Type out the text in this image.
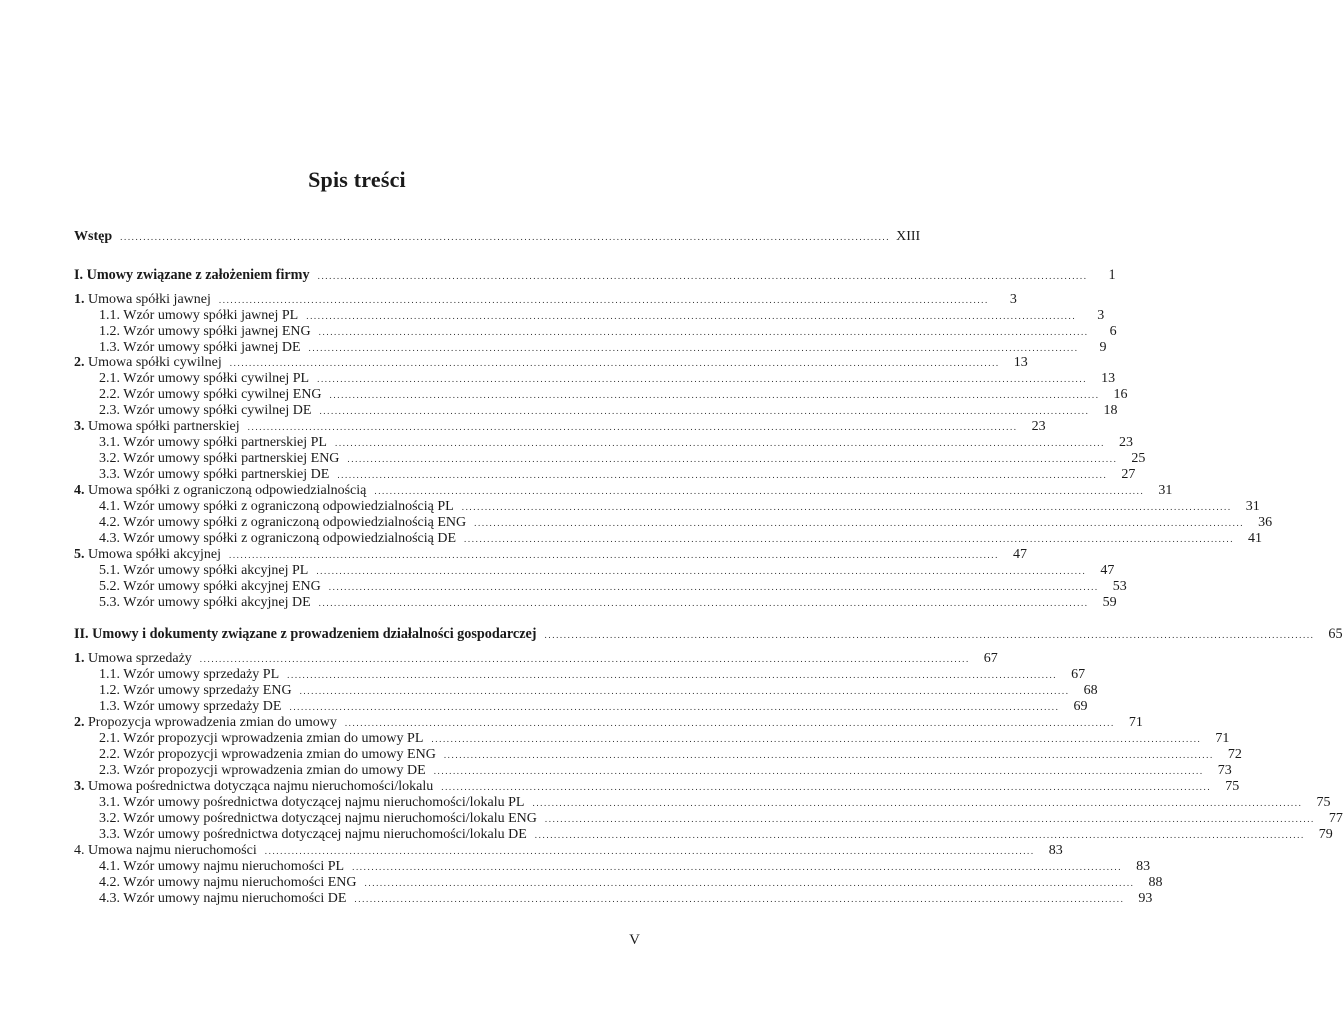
Spis treści
Wstęp ........................................................................................................................................................................................................ XIII
I. Umowy związane z założeniem firmy ........................................................................................................................................................................................................	1
1. Umowa spółki jawnej ........................................................................................................................................................................................................	3
1.1. Wzór umowy spółki jawnej PL ........................................................................................................................................................................................................	3
1.2. Wzór umowy spółki jawnej ENG ........................................................................................................................................................................................................	6
1.3. Wzór umowy spółki jawnej DE ........................................................................................................................................................................................................	9
2. Umowa spółki cywilnej ........................................................................................................................................................................................................	13
2.1. Wzór umowy spółki cywilnej PL ........................................................................................................................................................................................................	13
2.2. Wzór umowy spółki cywilnej ENG ........................................................................................................................................................................................................	16
2.3. Wzór umowy spółki cywilnej DE ........................................................................................................................................................................................................	18
3. Umowa spółki partnerskiej ........................................................................................................................................................................................................	23
3.1. Wzór umowy spółki partnerskiej PL ........................................................................................................................................................................................................	23
3.2. Wzór umowy spółki partnerskiej ENG ........................................................................................................................................................................................................	25
3.3. Wzór umowy spółki partnerskiej DE ........................................................................................................................................................................................................	27
4. Umowa spółki z ograniczoną odpowiedzialnością ........................................................................................................................................................................................................	31
4.1. Wzór umowy spółki z ograniczoną odpowiedzialnością PL ........................................................................................................................................................................................................	31
4.2. Wzór umowy spółki z ograniczoną odpowiedzialnością ENG ........................................................................................................................................................................................................	36
4.3. Wzór umowy spółki z ograniczoną odpowiedzialnością DE ........................................................................................................................................................................................................	41
5. Umowa spółki akcyjnej ........................................................................................................................................................................................................	47
5.1. Wzór umowy spółki akcyjnej PL ........................................................................................................................................................................................................	47
5.2. Wzór umowy spółki akcyjnej ENG ........................................................................................................................................................................................................	53
5.3. Wzór umowy spółki akcyjnej DE ........................................................................................................................................................................................................	59
II. Umowy i dokumenty związane z prowadzeniem działalności gospodarczej ........................................................................................................................................................................................................ 65
1. Umowa sprzedaży ........................................................................................................................................................................................................	67
1.1. Wzór umowy sprzedaży PL ........................................................................................................................................................................................................	67
1.2. Wzór umowy sprzedaży ENG ........................................................................................................................................................................................................	68
1.3. Wzór umowy sprzedaży DE ........................................................................................................................................................................................................	69
2. Propozycja wprowadzenia zmian do umowy ........................................................................................................................................................................................................	71
2.1. Wzór propozycji wprowadzenia zmian do umowy PL ........................................................................................................................................................................................................	71
2.2. Wzór propozycji wprowadzenia zmian do umowy ENG ........................................................................................................................................................................................................	72
2.3. Wzór propozycji wprowadzenia zmian do umowy DE ........................................................................................................................................................................................................	73
3. Umowa pośrednictwa dotycząca najmu nieruchomości/lokalu ........................................................................................................................................................................................................	75
3.1. Wzór umowy pośrednictwa dotyczącej najmu nieruchomości/lokalu PL ........................................................................................................................................................................................................	75
3.2. Wzór umowy pośrednictwa dotyczącej najmu nieruchomości/lokalu ENG ........................................................................................................................................................................................................	77
3.3. Wzór umowy pośrednictwa dotyczącej najmu nieruchomości/lokalu DE ........................................................................................................................................................................................................	79
4. Umowa najmu nieruchomości ........................................................................................................................................................................................................	83
4.1. Wzór umowy najmu nieruchomości PL ........................................................................................................................................................................................................	83
4.2. Wzór umowy najmu nieruchomości ENG ........................................................................................................................................................................................................	88
4.3. Wzór umowy najmu nieruchomości DE ........................................................................................................................................................................................................	93
V
